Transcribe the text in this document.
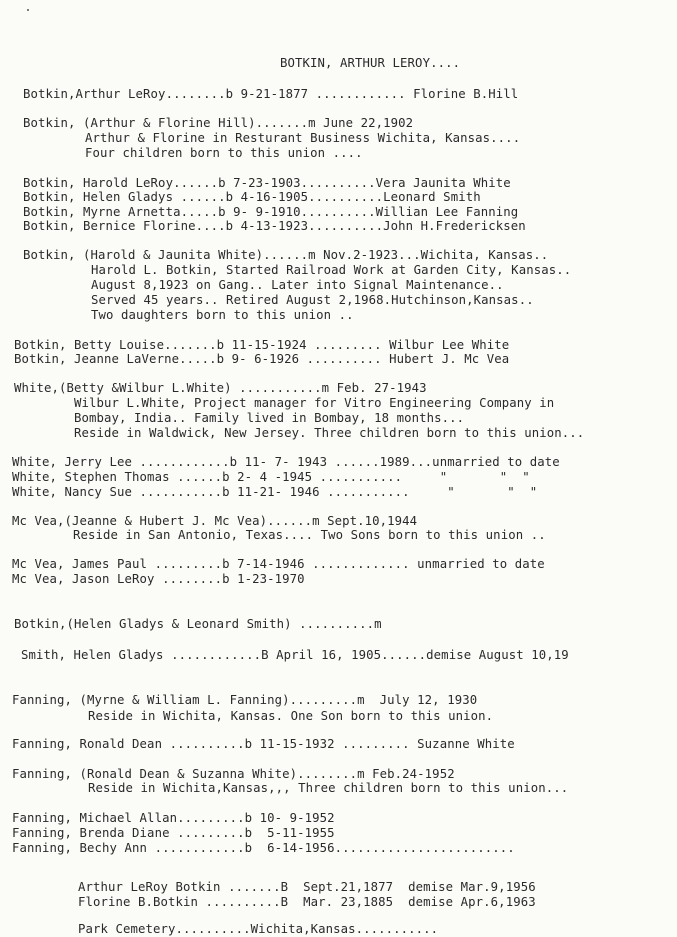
BOTKIN, ARTHUR LEROY....
Botkin,Arthur LeRoy........b 9-21-1877 ............ Florine B.Hill
Botkin, (Arthur & Florine Hill).......m June 22,1902
Arthur & Florine in Resturant Business Wichita, Kansas....
Four children born to this union ....
Botkin, Harold LeRoy......b 7-23-1903..........Vera Jaunita White
Botkin, Helen Gladys ......b 4-16-1905..........Leonard Smith
Botkin, Myrne Arnetta.....b 9- 9-1910..........Willian Lee Fanning
Botkin, Bernice Florine....b 4-13-1923..........John H.Fredericksen
Botkin, (Harold & Jaunita White)......m Nov.2-1923...Wichita, Kansas..
Harold L. Botkin, Started Railroad Work at Garden City, Kansas..
August 8,1923 on Gang.. Later into Signal Maintenance..
Served 45 years.. Retired August 2,1968.Hutchinson,Kansas..
Two daughters born to this union ..
Botkin, Betty Louise.......b 11-15-1924 ......... Wilbur Lee White
Botkin, Jeanne LaVerne.....b 9- 6-1926 .......... Hubert J. Mc Vea
White,(Betty &Wilbur L.White) ...........m Feb. 27-1943
Wilbur L.White, Project manager for Vitro Engineering Company in
Bombay, India.. Family lived in Bombay, 18 months...
Reside in Waldwick, New Jersey. Three children born to this union...
White, Jerry Lee ............b 11- 7- 1943 ......1989...unmarried to date
White, Stephen Thomas ......b 2- 4 -1945 ...........     "       "  "
White, Nancy Sue ...........b 11-21- 1946 ...........     "       "  "
Mc Vea,(Jeanne & Hubert J. Mc Vea)......m Sept.10,1944
Reside in San Antonio, Texas.... Two Sons born to this union ..
Mc Vea, James Paul .........b 7-14-1946 ............. unmarried to date
Mc Vea, Jason LeRoy ........b 1-23-1970
Botkin,(Helen Gladys & Leonard Smith) ..........m
Smith, Helen Gladys ............B April 16, 1905......demise August 10,19
Fanning, (Myrne & William L. Fanning).........m  July 12, 1930
Reside in Wichita, Kansas. One Son born to this union.
Fanning, Ronald Dean ..........b 11-15-1932 ......... Suzanne White
Fanning, (Ronald Dean & Suzanna White)........m Feb.24-1952
Reside in Wichita,Kansas,,, Three children born to this union...
Fanning, Michael Allan.........b 10- 9-1952
Fanning, Brenda Diane .........b  5-11-1955
Fanning, Bechy Ann ............b  6-14-1956........................
Arthur LeRoy Botkin .......B  Sept.21,1877  demise Mar.9,1956
Florine B.Botkin ..........B  Mar. 23,1885  demise Apr.6,1963
Park Cemetery..........Wichita,Kansas...........
